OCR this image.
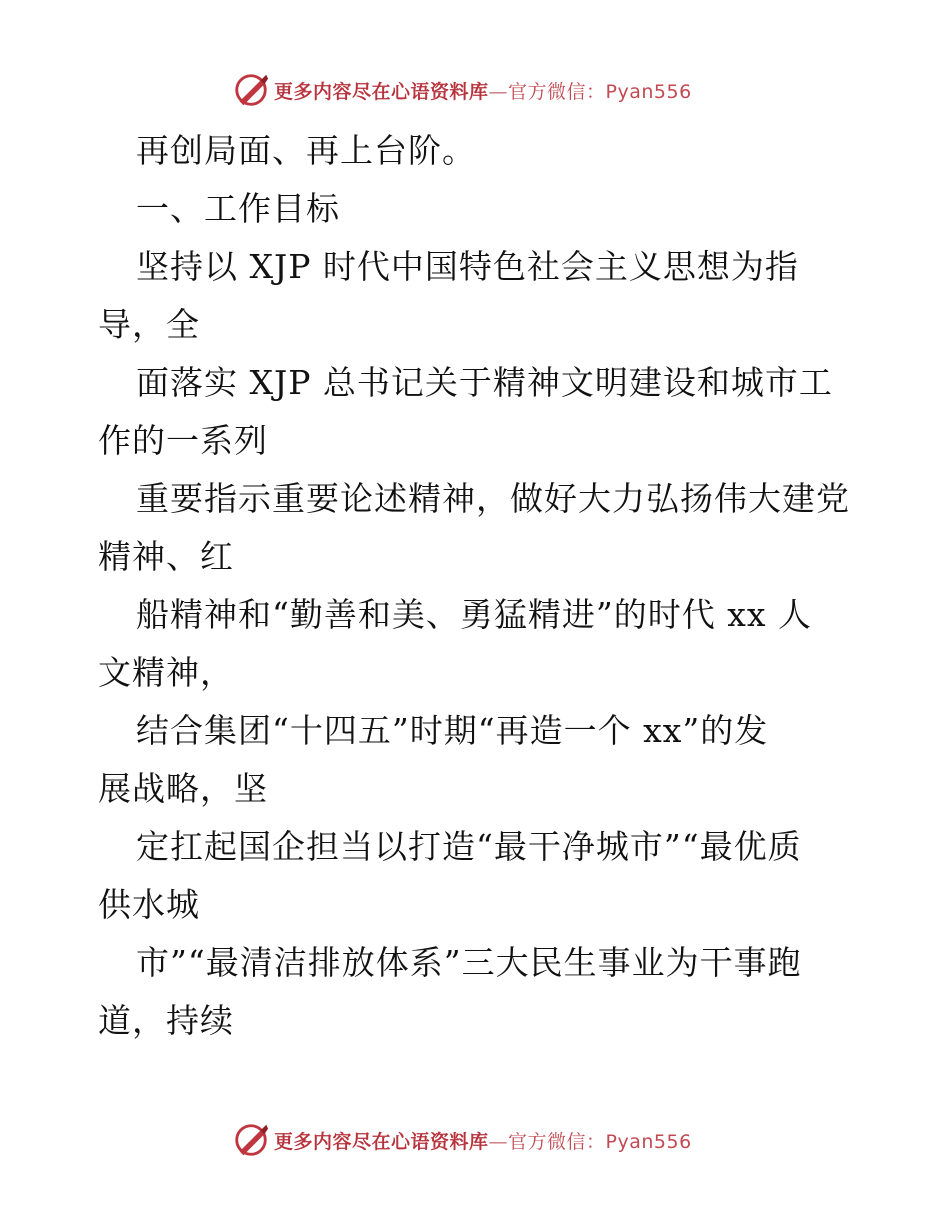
更多内容尽在心语资料库—官方微信：Pyan556
再创局面、再上台阶。
一、工作目标
坚持以 XJP 时代中国特色社会主义思想为指
导，全
面落实 XJP 总书记关于精神文明建设和城市工
作的一系列
重要指示重要论述精神，做好大力弘扬伟大建党
精神、红
船精神和“勤善和美、勇猛精进”的时代 xx 人
文精神，
结合集团“十四五”时期“再造一个 xx”的发
展战略，坚
定扛起国企担当以打造“最干净城市”“最优质
供水城
市”“最清洁排放体系”三大民生事业为干事跑
道，持续
更多内容尽在心语资料库—官方微信：Pyan556
